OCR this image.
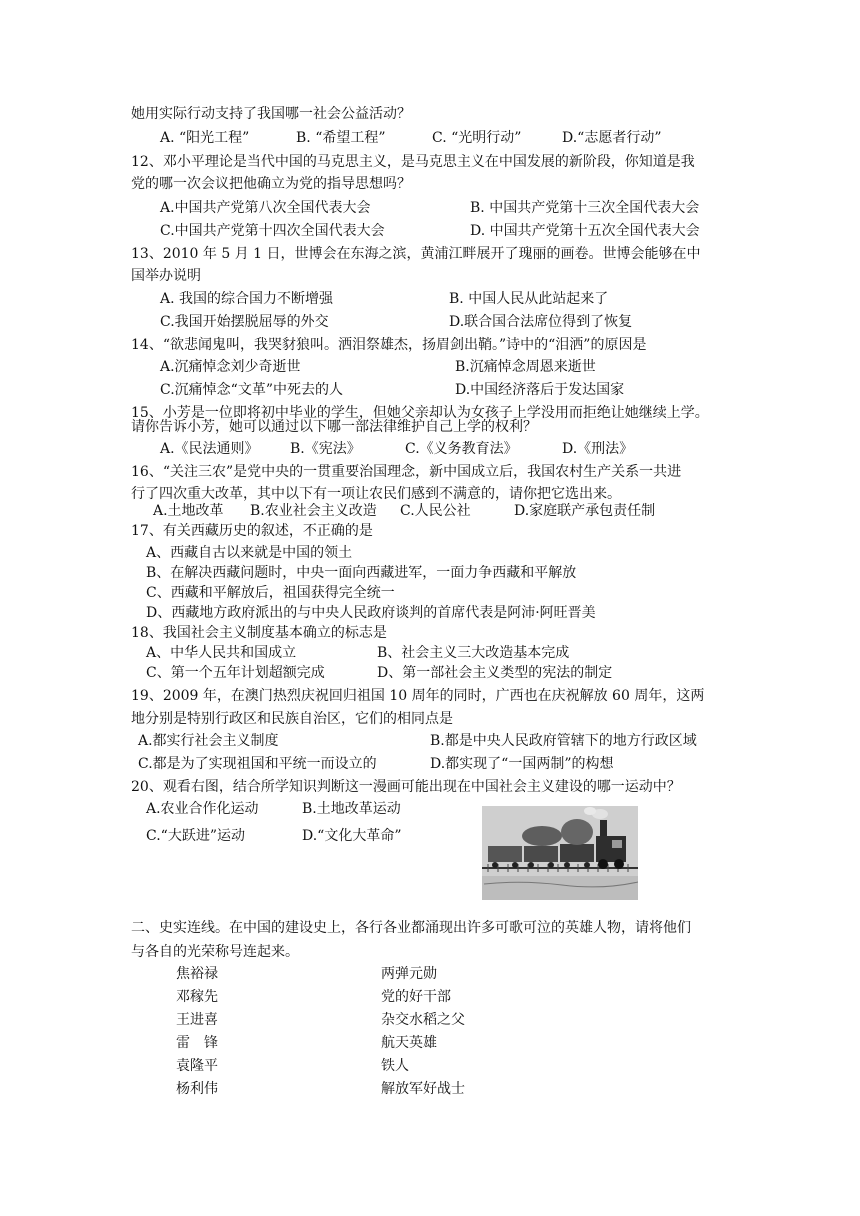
她用实际行动支持了我国哪一社会公益活动？
A. “阳光工程”	B. “希望工程”	C. “光明行动”	D.“志愿者行动”
12、邓小平理论是当代中国的马克思主义，是马克思主义在中国发展的新阶段，你知道是我
党的哪一次会议把他确立为党的指导思想吗？
A.中国共产党第八次全国代表大会	B. 中国共产党第十三次全国代表大会
C.中国共产党第十四次全国代表大会	D. 中国共产党第十五次全国代表大会
13、2010 年 5 月 1 日，世博会在东海之滨，黄浦江畔展开了瑰丽的画卷。世博会能够在中
国举办说明
A. 我国的综合国力不断增强	B. 中国人民从此站起来了
C.我国开始摆脱屈辱的外交	D.联合国合法席位得到了恢复
14、“欲悲闻鬼叫，我哭豺狼叫。洒泪祭雄杰，扬眉剑出鞘。”诗中的“泪洒”的原因是
A.沉痛悼念刘少奇逝世	B.沉痛悼念周恩来逝世
C.沉痛悼念“文革”中死去的人	D.中国经济落后于发达国家
15、小芳是一位即将初中毕业的学生，但她父亲却认为女孩子上学没用而拒绝让她继续上学。
请你告诉小芳，她可以通过以下哪一部法律维护自己上学的权利？
A.《民法通则》 B.《宪法》	C.《义务教育法》	D.《刑法》
16、“关注三农”是党中央的一贯重要治国理念，新中国成立后，我国农村生产关系一共进
行了四次重大改革，其中以下有一项让农民们感到不满意的，请你把它选出来。
A.土地改革 B.农业社会主义改造 C.人民公社	D.家庭联产承包责任制
17、有关西藏历史的叙述，不正确的是
A、西藏自古以来就是中国的领土
B、在解决西藏问题时，中央一面向西藏进军，一面力争西藏和平解放
C、西藏和平解放后，祖国获得完全统一
D、西藏地方政府派出的与中央人民政府谈判的首席代表是阿沛·阿旺晋美
18、我国社会主义制度基本确立的标志是
A、中华人民共和国成立	B、社会主义三大改造基本完成
C、第一个五年计划超额完成	D、第一部社会主义类型的宪法的制定
19、2009 年，在澳门热烈庆祝回归祖国 10 周年的同时，广西也在庆祝解放 60 周年，这两
地分别是特别行政区和民族自治区，它们的相同点是
A.都实行社会主义制度	B.都是中央人民政府管辖下的地方行政区域
C.都是为了实现祖国和平统一而设立的	D.都实现了“一国两制”的构想
20、观看右图，结合所学知识判断这一漫画可能出现在中国社会主义建设的哪一运动中？
A.农业合作化运动	B.土地改革运动
C.“大跃进”运动	D.“文化大革命”
二、史实连线。在中国的建设史上，各行各业都涌现出许多可歌可泣的英雄人物，请将他们
与各自的光荣称号连起来。
焦裕禄	两弹元勋
邓稼先	党的好干部
王进喜	杂交水稻之父
雷　锋	航天英雄
袁隆平	铁人
杨利伟	解放军好战士
